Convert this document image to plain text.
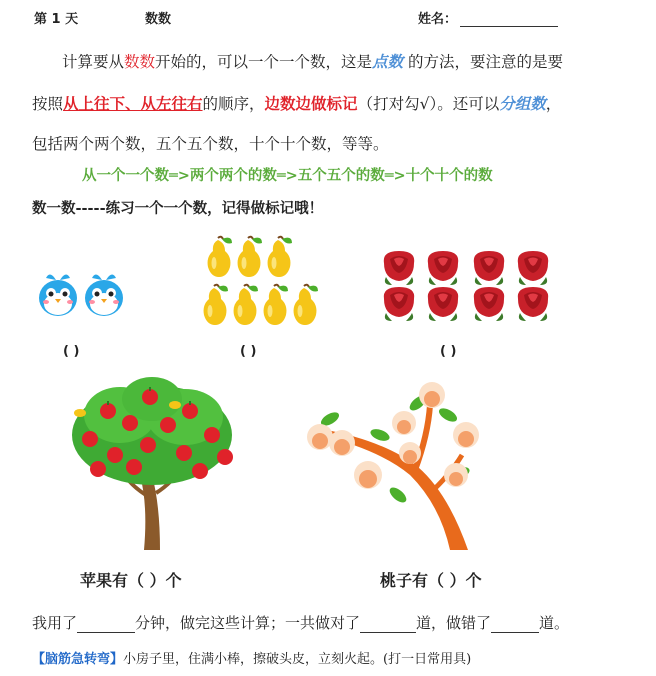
第 1 天	数数	姓名：
计算要从数数开始的，可以一个一个数，这是点数 的方法，要注意的是要
按照从上往下、从左往右的顺序，边数边做标记（打对勾√）。还可以分组数，
包括两个两个数，五个五个数，十个十个数，等等。
从一个一个数═>两个两个的数═>五个五个的数═>十个十个的数
数一数-----练习一个一个数，记得做标记哦！
( )	( )	( )
苹果有（ ）个	桃子有（ ）个
我用了	分钟，做完这些计算；一共做对了	道，做错了	道。
【脑筋急转弯】小房子里，住满小棒，擦破头皮，立刻火起。(打一日常用具)
